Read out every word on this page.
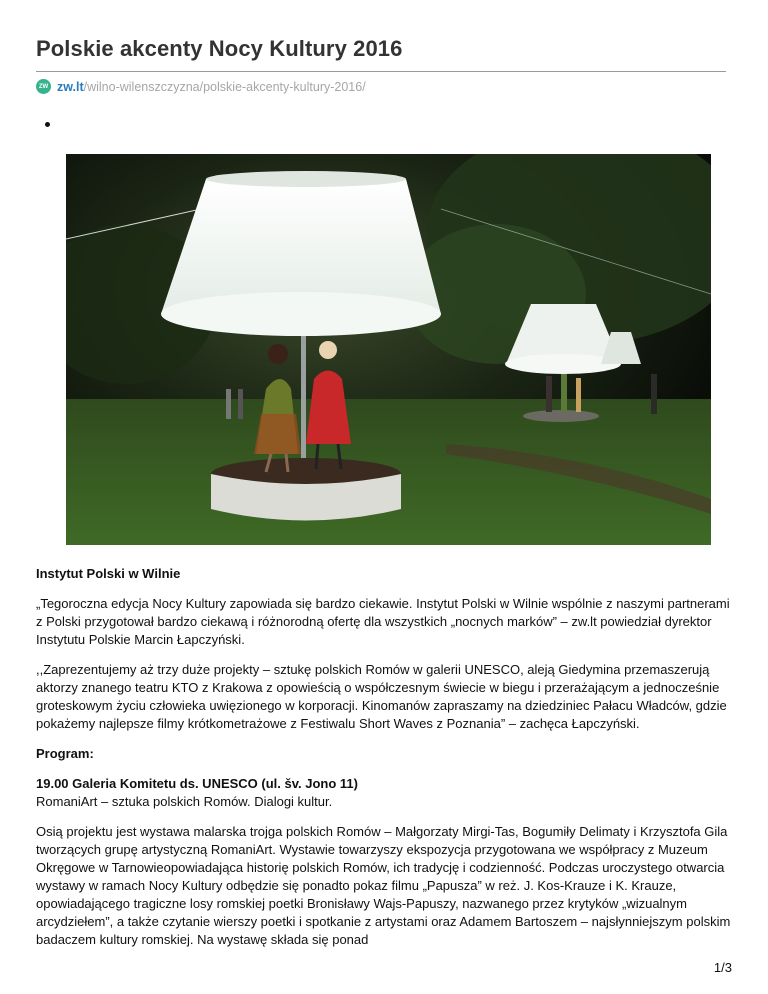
Polskie akcenty Nocy Kultury 2016
ZW zw.lt /wilno-wilenszczyzna/polskie-akcenty-kultury-2016/

Instytut Polski w Wilnie

„Tegoroczna edycja Nocy Kultury zapowiada się bardzo ciekawie. Instytut Polski w Wilnie wspólnie z naszymi partnerami z Polski przygotował bardzo ciekawą i różnorodną ofertę dla wszystkich „nocnych marków” – zw.lt powiedział dyrektor Instytutu Polskie Marcin Łapczyński.

,,Zaprezentujemy aż trzy duże projekty – sztukę polskich Romów w galerii UNESCO, aleją Giedymina przemaszerują aktorzy znanego teatru KTO z Krakowa z opowieścią o współczesnym świecie w biegu i przerażającym a jednocześnie groteskowym życiu człowieka uwięzionego w korporacji. Kinomanów zapraszamy na dziedziniec Pałacu Władców, gdzie pokażemy najlepsze filmy krótkometrażowe z Festiwalu Short Waves z Poznania” – zachęca Łapczyński.

Program:

19.00 Galeria Komitetu ds. UNESCO (ul. šv. Jono 11)
RomaniArt – sztuka polskich Romów. Dialogi kultur.

Osią projektu jest wystawa malarska trojga polskich Romów – Małgorzaty Mirgi-Tas, Bogumiły Delimaty i Krzysztofa Gila tworzących grupę artystyczną RomaniArt. Wystawie towarzyszy ekspozycja przygotowana we współpracy z Muzeum Okręgowe w Tarnowieopowiadająca historię polskich Romów, ich tradycję i codzienność. Podczas uroczystego otwarcia wystawy w ramach Nocy Kultury odbędzie się ponadto pokaz filmu „Papusza” w reż. J. Kos-Krauze i K. Krauze, opowiadającego tragiczne losy romskiej poetki Bronisławy Wajs-Papuszy, nazwanego przez krytyków „wizualnym arcydziełem”, a także czytanie wierszy poetki i spotkanie z artystami oraz Adamem Bartoszem – najsłynniejszym polskim badaczem kultury romskiej. Na wystawę składa się ponad

1/3
